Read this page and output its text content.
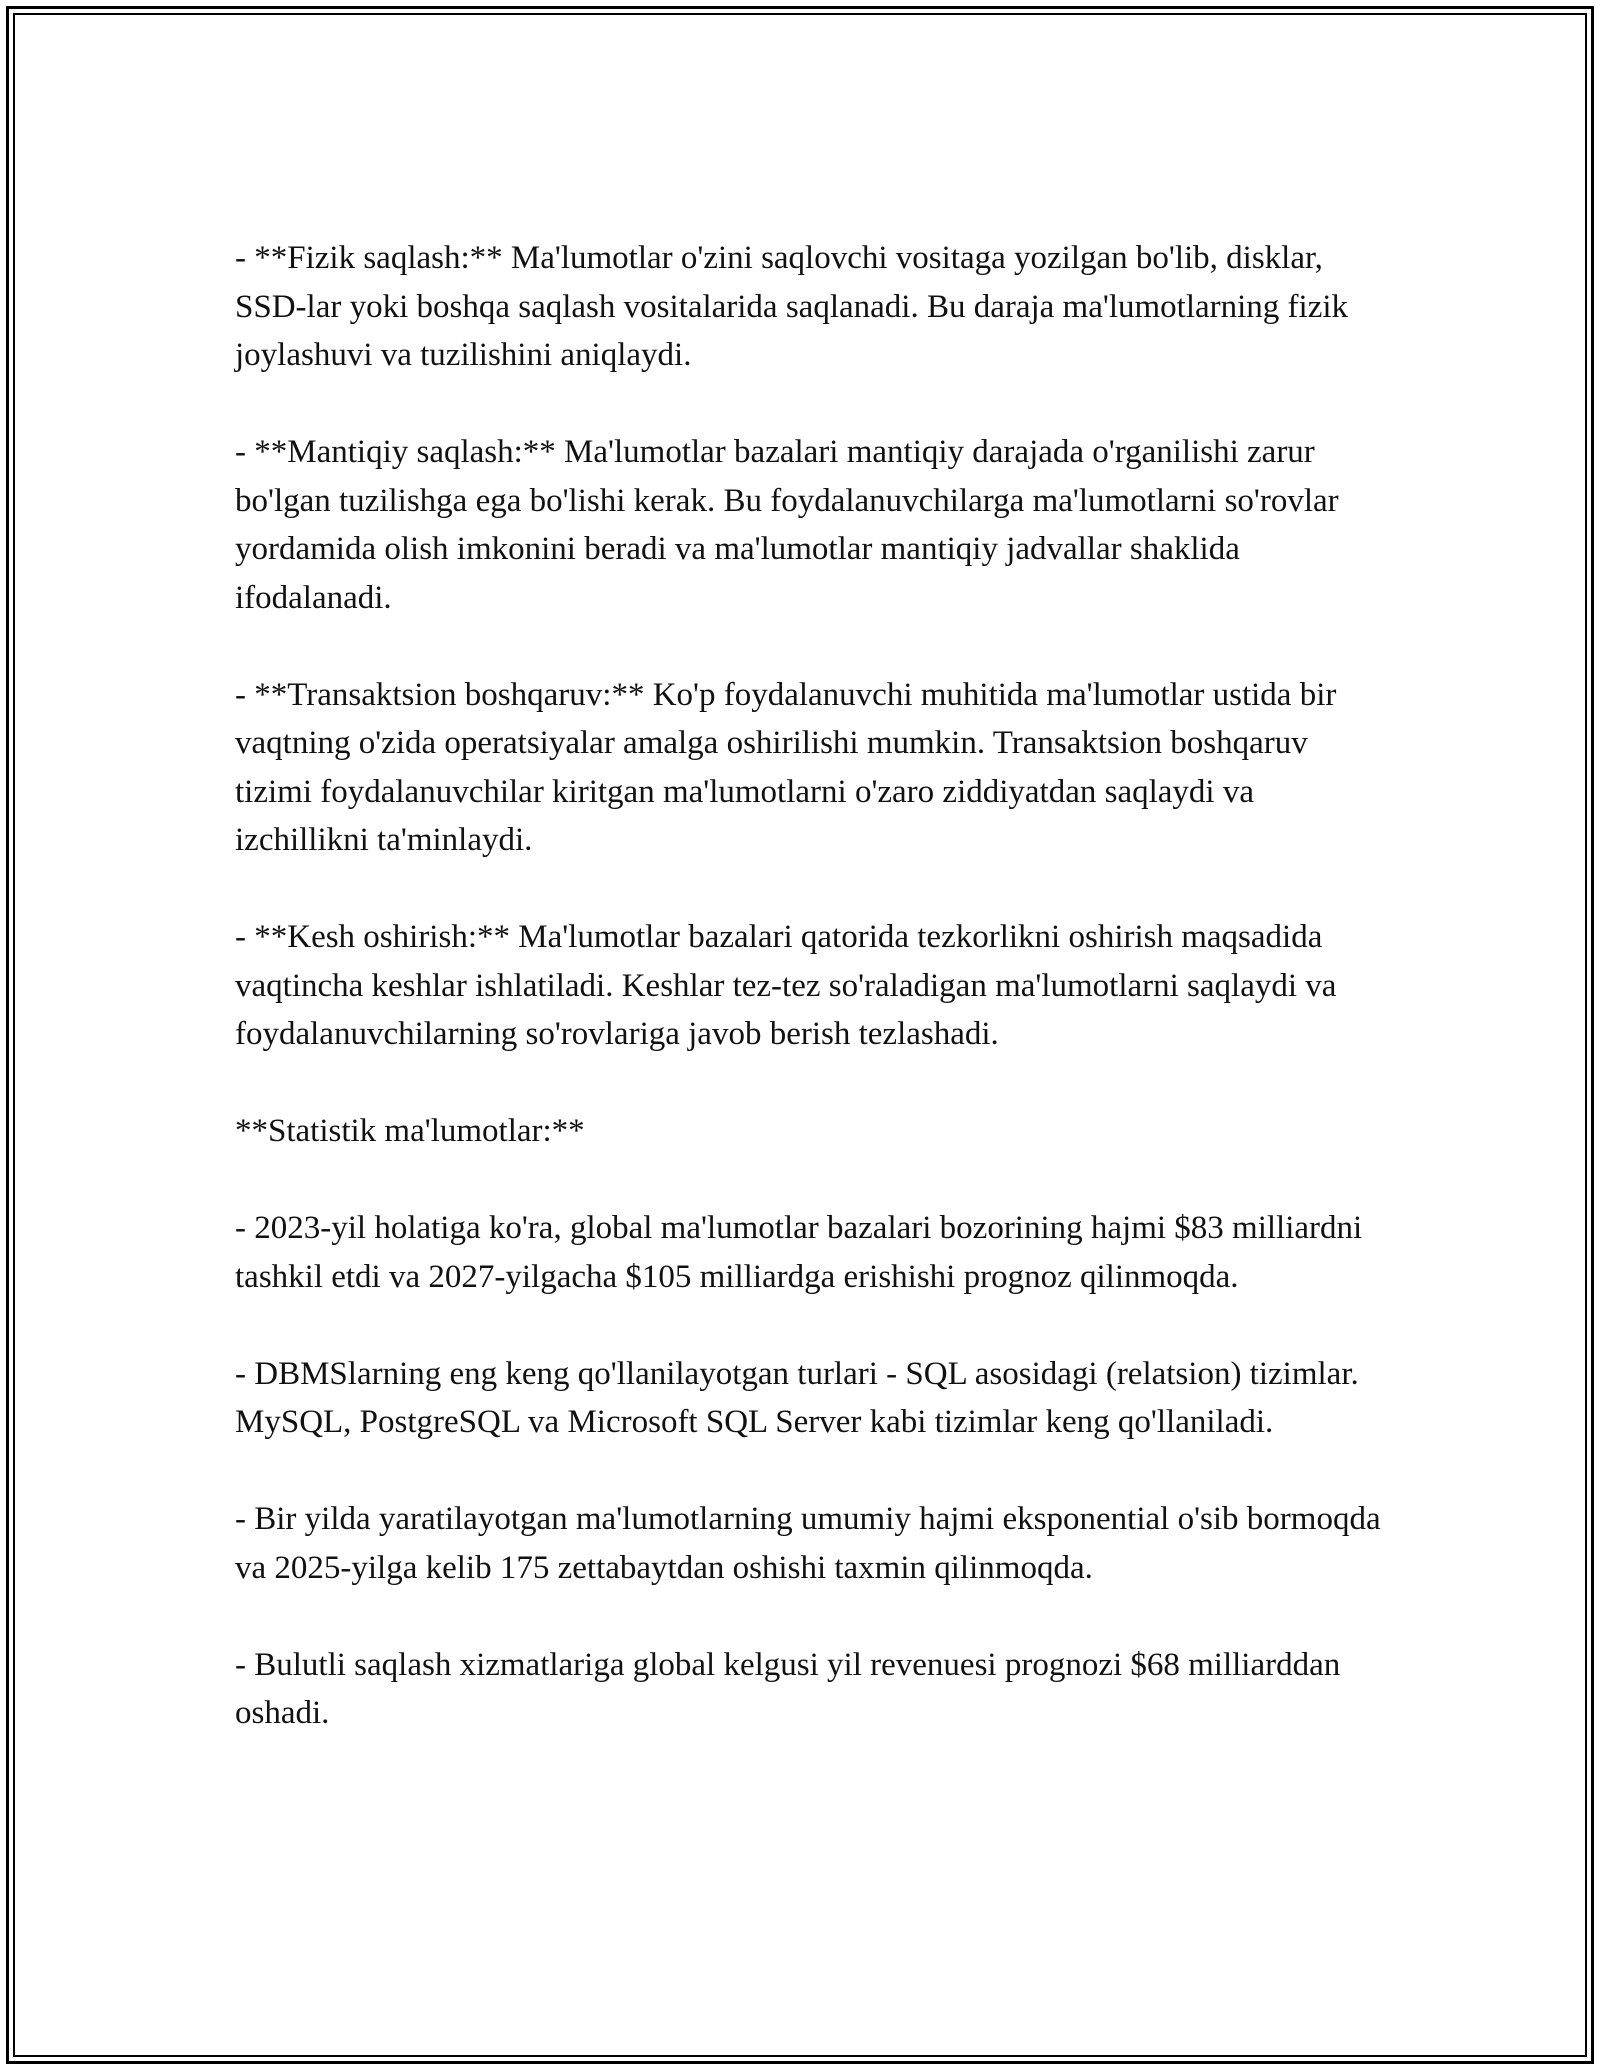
- **Fizik saqlash:** Ma'lumotlar o'zini saqlovchi vositaga yozilgan bo'lib, disklar, SSD-lar yoki boshqa saqlash vositalarida saqlanadi. Bu daraja ma'lumotlarning fizik joylashuvi va tuzilishini aniqlaydi.

- **Mantiqiy saqlash:** Ma'lumotlar bazalari mantiqiy darajada o'rganilishi zarur bo'lgan tuzilishga ega bo'lishi kerak. Bu foydalanuvchilarga ma'lumotlarni so'rovlar yordamida olish imkonini beradi va ma'lumotlar mantiqiy jadvallar shaklida ifodalanadi.

- **Transaktsion boshqaruv:** Ko'p foydalanuvchi muhitida ma'lumotlar ustida bir vaqtning o'zida operatsiyalar amalga oshirilishi mumkin. Transaktsion boshqaruv tizimi foydalanuvchilar kiritgan ma'lumotlarni o'zaro ziddiyatdan saqlaydi va izchillikni ta'minlaydi.

- **Kesh oshirish:** Ma'lumotlar bazalari qatorida tezkorlikni oshirish maqsadida vaqtincha keshlar ishlatiladi. Keshlar tez-tez so'raladigan ma'lumotlarni saqlaydi va foydalanuvchilarning so'rovlariga javob berish tezlashadi.

**Statistik ma'lumotlar:**

- 2023-yil holatiga ko'ra, global ma'lumotlar bazalari bozorining hajmi $83 milliardni tashkil etdi va 2027-yilgacha $105 milliardga erishishi prognoz qilinmoqda.

- DBMSlarning eng keng qo'llanilayotgan turlari - SQL asosidagi (relatsion) tizimlar. MySQL, PostgreSQL va Microsoft SQL Server kabi tizimlar keng qo'llaniladi.

- Bir yilda yaratilayotgan ma'lumotlarning umumiy hajmi eksponential o'sib bormoqda va 2025-yilga kelib 175 zettabaytdan oshishi taxmin qilinmoqda.

- Bulutli saqlash xizmatlariga global kelgusi yil revenuesi prognozi $68 milliarddan oshadi.
